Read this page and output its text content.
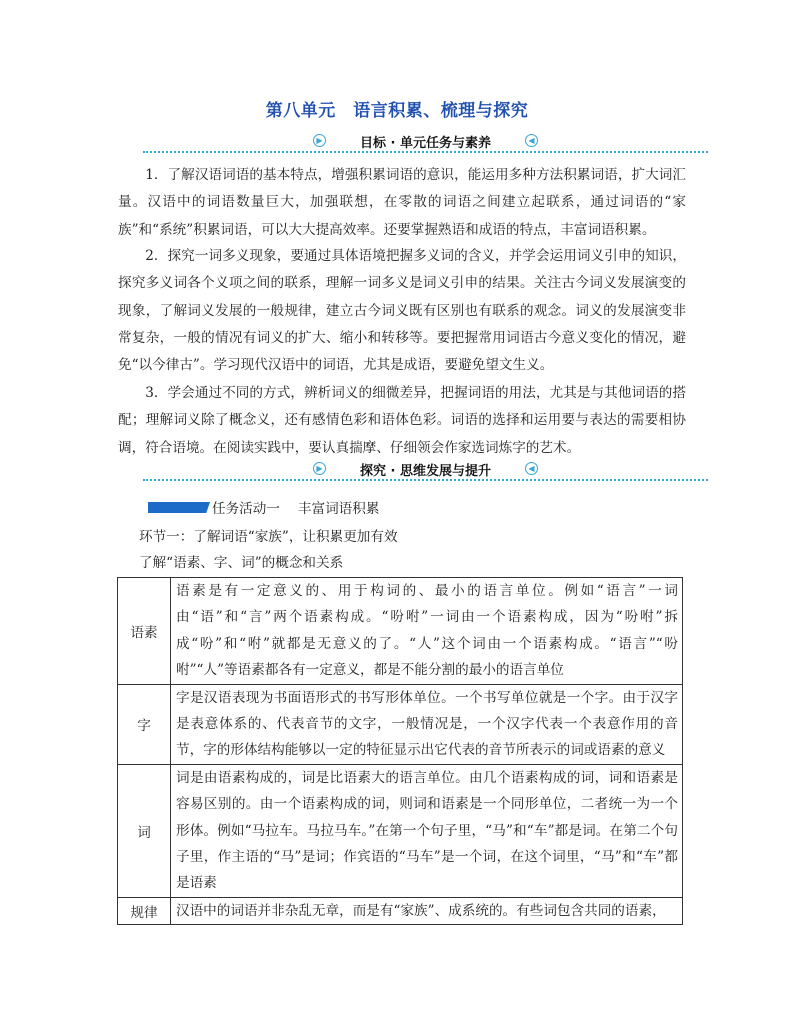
第八单元　语言积累、梳理与探究
▶	目标 · 单元任务与素养	◀

1．了解汉语词语的基本特点，增强积累词语的意识，能运用多种方法积累词语，扩大词汇量。汉语中的词语数量巨大，加强联想，在零散的词语之间建立起联系，通过词语的“家族”和“系统”积累词语，可以大大提高效率。还要掌握熟语和成语的特点，丰富词语积累。

2．探究一词多义现象，要通过具体语境把握多义词的含义，并学会运用词义引申的知识，探究多义词各个义项之间的联系，理解一词多义是词义引申的结果。关注古今词义发展演变的现象，了解词义发展的一般规律，建立古今词义既有区别也有联系的观念。词义的发展演变非常复杂，一般的情况有词义的扩大、缩小和转移等。要把握常用词语古今意义变化的情况，避免“以今律古”。学习现代汉语中的词语，尤其是成语，要避免望文生义。

3．学会通过不同的方式，辨析词义的细微差异，把握词语的用法，尤其是与其他词语的搭配；理解词义除了概念义，还有感情色彩和语体色彩。词语的选择和运用要与表达的需要相协调，符合语境。在阅读实践中，要认真揣摩、仔细领会作家选词炼字的艺术。

▶	探究 · 思维发展与提升	◀
任务活动一　 丰富词语积累
环节一：了解词语“家族”，让积累更加有效
了解“语素、字、词”的概念和关系
语素	语素是有一定意义的、用于构词的、最小的语言单位。例如“语言”一词由“语”和“言”两个语素构成。“吩咐”一词由一个语素构成，因为“吩咐”拆成“吩”和“咐”就都是无意义的了。“人”这个词由一个语素构成。“语言”“吩咐”“人”等语素都各有一定意义，都是不能分割的最小的语言单位
字	字是汉语表现为书面语形式的书写形体单位。一个书写单位就是一个字。由于汉字是表意体系的、代表音节的文字，一般情况是，一个汉字代表一个表意作用的音节，字的形体结构能够以一定的特征显示出它代表的音节所表示的词或语素的意义
词	词是由语素构成的，词是比语素大的语言单位。由几个语素构成的词，词和语素是容易区别的。由一个语素构成的词，则词和语素是一个同形单位，二者统一为一个形体。例如“马拉车。马拉马车。”在第一个句子里，“马”和“车”都是词。在第二个句子里，作主语的“马”是词；作宾语的“马车”是一个词，在这个词里，“马”和“车”都是语素
规律	汉语中的词语并非杂乱无章，而是有“家族”、成系统的。有些词包含共同的语素，
